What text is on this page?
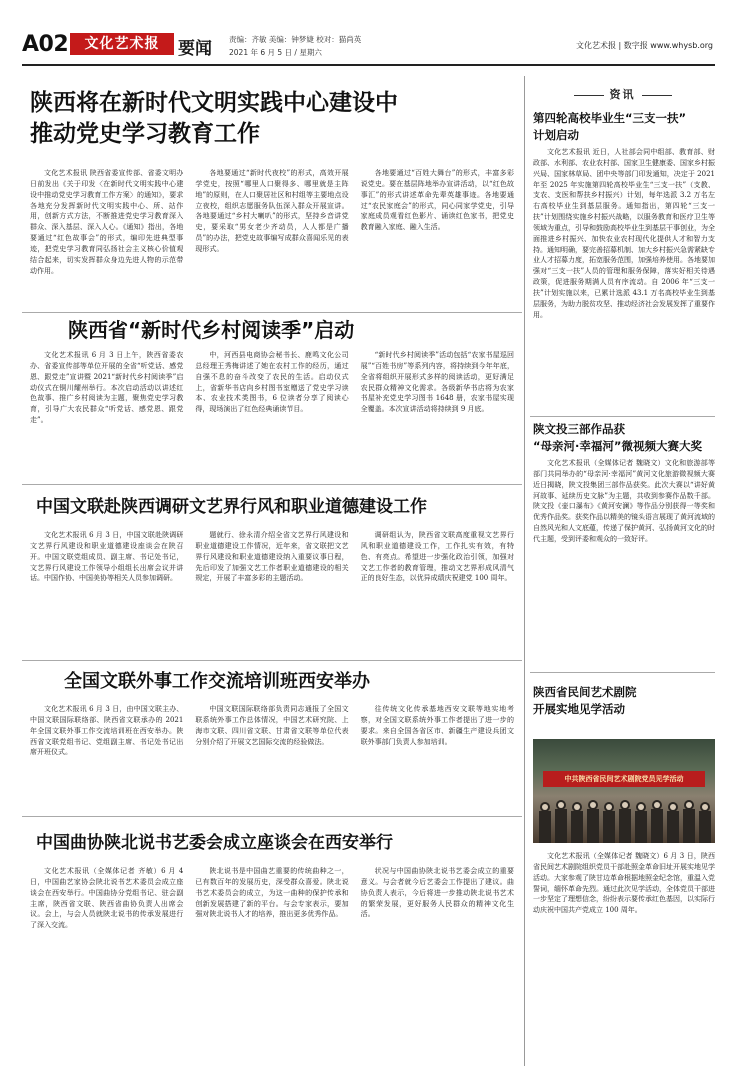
A02	文化艺术报	要闻 责编：齐敏 美编：钟梦婕 校对：猫尚英
2021 年 6 月 5 日 / 星期六
文化艺术报 | 数字报 www.whysb.org
陕西将在新时代文明实践中心建设中
推动党史学习教育工作

文化艺术报讯 陕西省委宣传部、省委文明办日前发出《关于印发〈在新时代文明实践中心建设中推动党史学习教育工作方案〉的通知》，要求各地充分发挥新时代文明实践中心、所、站作用，创新方式方法，不断推进党史学习教育深入群众、深入基层、深入人心。《通知》指出，各地要通过“红色故事会”的形式，编印先进典型事迹，把党史学习教育同弘扬社会主义核心价值观结合起来，切实发挥群众身边先进人物的示范带动作用。

各地要通过“新时代夜校”的形式，高效开展学党史，按照“哪里人口聚得多、哪里就是主阵地”的原则，在人口聚居社区和村组等主要地点设立夜校，组织志愿服务队伍深入群众开展宣讲。各地要通过“乡村大喇叭”的形式，坚持乡音讲党史，要采取“男女老少齐动员，人人都是广播员”的办法，把党史故事编写成群众喜闻乐见的表现形式。

各地要通过“百姓大舞台”的形式，丰富多彩说党史。要在基层阵地举办宣讲活动，以“红色故事汇”的形式讲述革命先辈英雄事迹。各地要通过“农民家庭会”的形式，同心同家学党史，引导家庭成员观看红色影片、诵读红色家书，把党史教育融入家庭、融入生活。

陕西省“新时代乡村阅读季”启动

文化艺术报讯 6 月 3 日上午，陕西省委农办、省委宣传部等单位开展的全省“听党话、感党恩、跟党走”宣讲暨 2021“新时代乡村阅读季”启动仪式在铜川耀州举行。本次启动活动以讲述红色故事、推广乡村阅读为主题，聚焦党史学习教育，引导广大农民群众“听党话、感党恩、跟党走”。

中，河西县电商协会秘书长、鹿鸣文化公司总经理王秀梅讲述了她在农村工作的经历，通过自强不息的奋斗改变了农民的生活。启动仪式上，省新华书店向乡村图书室赠送了党史学习读本、农业技术类图书，6 位读者分享了阅读心得，现场演出了红色经典诵读节目。

“新时代乡村阅读季”活动包括“农家书屋巡回展”“百姓书房”等系列内容，将持续到今年年底，全省将组织开展形式多样的阅读活动，更好满足农民群众精神文化需求。各级新华书店将为农家书屋补充党史学习图书 1648 册，农家书屋实现全覆盖。本次宣讲活动将持续到 9 月底。

中国文联赴陕西调研文艺界行风和职业道德建设工作

文化艺术报讯 6 月 3 日，中国文联赴陕调研文艺界行风建设和职业道德建设座谈会在陕召开。中国文联党组成员、副主席、书记处书记，文艺界行风建设工作领导小组组长出席会议并讲话。中国作协、中国美协等相关人员参加调研。

题就行、徐永清介绍全省文艺界行风建设和职业道德建设工作情况，近年来，省文联把文艺界行风建设和职业道德建设纳入重要议事日程，先后印发了加强文艺工作者职业道德建设的相关规定，开展了丰富多彩的主题活动。

调研组认为，陕西省文联高度重视文艺界行风和职业道德建设工作，工作扎实有效，有特色、有亮点。希望进一步强化政治引领，加强对文艺工作者的教育管理，推动文艺界形成风清气正的良好生态，以优异成绩庆祝建党 100 周年。

全国文联外事工作交流培训班西安举办

文化艺术报讯 6 月 3 日，由中国文联主办、中国文联国际联络部、陕西省文联承办的 2021 年全国文联外事工作交流培训班在西安举办。陕西省文联党组书记、党组副主席、书记处书记出席开班仪式。

中国文联国际联络部负责同志通报了全国文联系统外事工作总体情况，中国艺术研究院、上海市文联、四川省文联、甘肃省文联等单位代表分别介绍了开展文艺国际交流的经验做法。

往传统文化传承基地西安文联等地实地考察，对全国文联系统外事工作者提出了进一步的要求。来自全国各省区市、新疆生产建设兵团文联外事部门负责人参加培训。

中国曲协陕北说书艺委会成立座谈会在西安举行

文化艺术报讯（全媒体记者 齐敏）6 月 4 日，中国曲艺家协会陕北说书艺术委员会成立座谈会在西安举行。中国曲协分党组书记、驻会副主席，陕西省文联、陕西省曲协负责人出席会议。会上，与会人员就陕北说书的传承发展进行了深入交流。

陕北说书是中国曲艺重要的传统曲种之一，已有数百年的发展历史，深受群众喜爱。陕北说书艺术委员会的成立，为这一曲种的保护传承和创新发展搭建了新的平台。与会专家表示，要加强对陕北说书人才的培养，推出更多优秀作品。

状况与中国曲协陕北说书艺委会成立的重要意义。与会者就今后艺委会工作提出了建议。曲协负责人表示，今后将进一步推动陕北说书艺术的繁荣发展，更好服务人民群众的精神文化生活。

资讯
第四轮高校毕业生“三支一扶”
计划启动

文化艺术报讯 近日，人社部会同中组部、教育部、财政部、水利部、农业农村部、国家卫生健康委、国家乡村振兴局、国家林草局、团中央等部门印发通知，决定于 2021 年至 2025 年实施第四轮高校毕业生“三支一扶”（支教、支农、支医和帮扶乡村振兴）计划，每年选派 3.2 万名左右高校毕业生到基层服务。通知指出，第四轮“三支一扶”计划围绕实施乡村振兴战略，以服务教育和医疗卫生等领域为重点，引导和鼓励高校毕业生到基层干事创业，为全面推进乡村振兴、加快农业农村现代化提供人才和智力支持。通知明确，要完善招募机制、加大乡村振兴急需紧缺专业人才招募力度，拓宽服务范围，加强培养使用。各地要加强对“三支一扶”人员的管理和服务保障，落实好相关待遇政策，促进服务期满人员有序流动。自 2006 年“三支一扶”计划实施以来，已累计选派 43.1 万名高校毕业生到基层服务，为助力脱贫攻坚、推动经济社会发展发挥了重要作用。

陕文投三部作品获
“母亲河·幸福河”微视频大赛大奖

文化艺术报讯（全媒体记者 魏晓文）文化和旅游部等部门共同举办的“母亲河·幸福河”黄河文化旅游微视频大赛近日揭晓，陕文投集团三部作品获奖。此次大赛以“讲好黄河故事、延续历史文脉”为主题，共收到参赛作品数千部。陕文投《壶口瀑布》《黄河安澜》等作品分别获得一等奖和优秀作品奖。获奖作品以精美的镜头语言展现了黄河流域的自然风光和人文底蕴，传递了保护黄河、弘扬黄河文化的时代主题，受到评委和观众的一致好评。

陕西省民间艺术剧院
开展实地见学活动
中共陕西省民间艺术剧院党员见学活动

文化艺术报讯（全媒体记者 魏晓文）6 月 3 日，陕西省民间艺术剧院组织党员干部赴照金革命旧址开展实地见学活动。大家参观了陕甘边革命根据地照金纪念馆，重温入党誓词，缅怀革命先烈。通过此次见学活动，全体党员干部进一步坚定了理想信念，纷纷表示要传承红色基因，以实际行动庆祝中国共产党成立 100 周年。
